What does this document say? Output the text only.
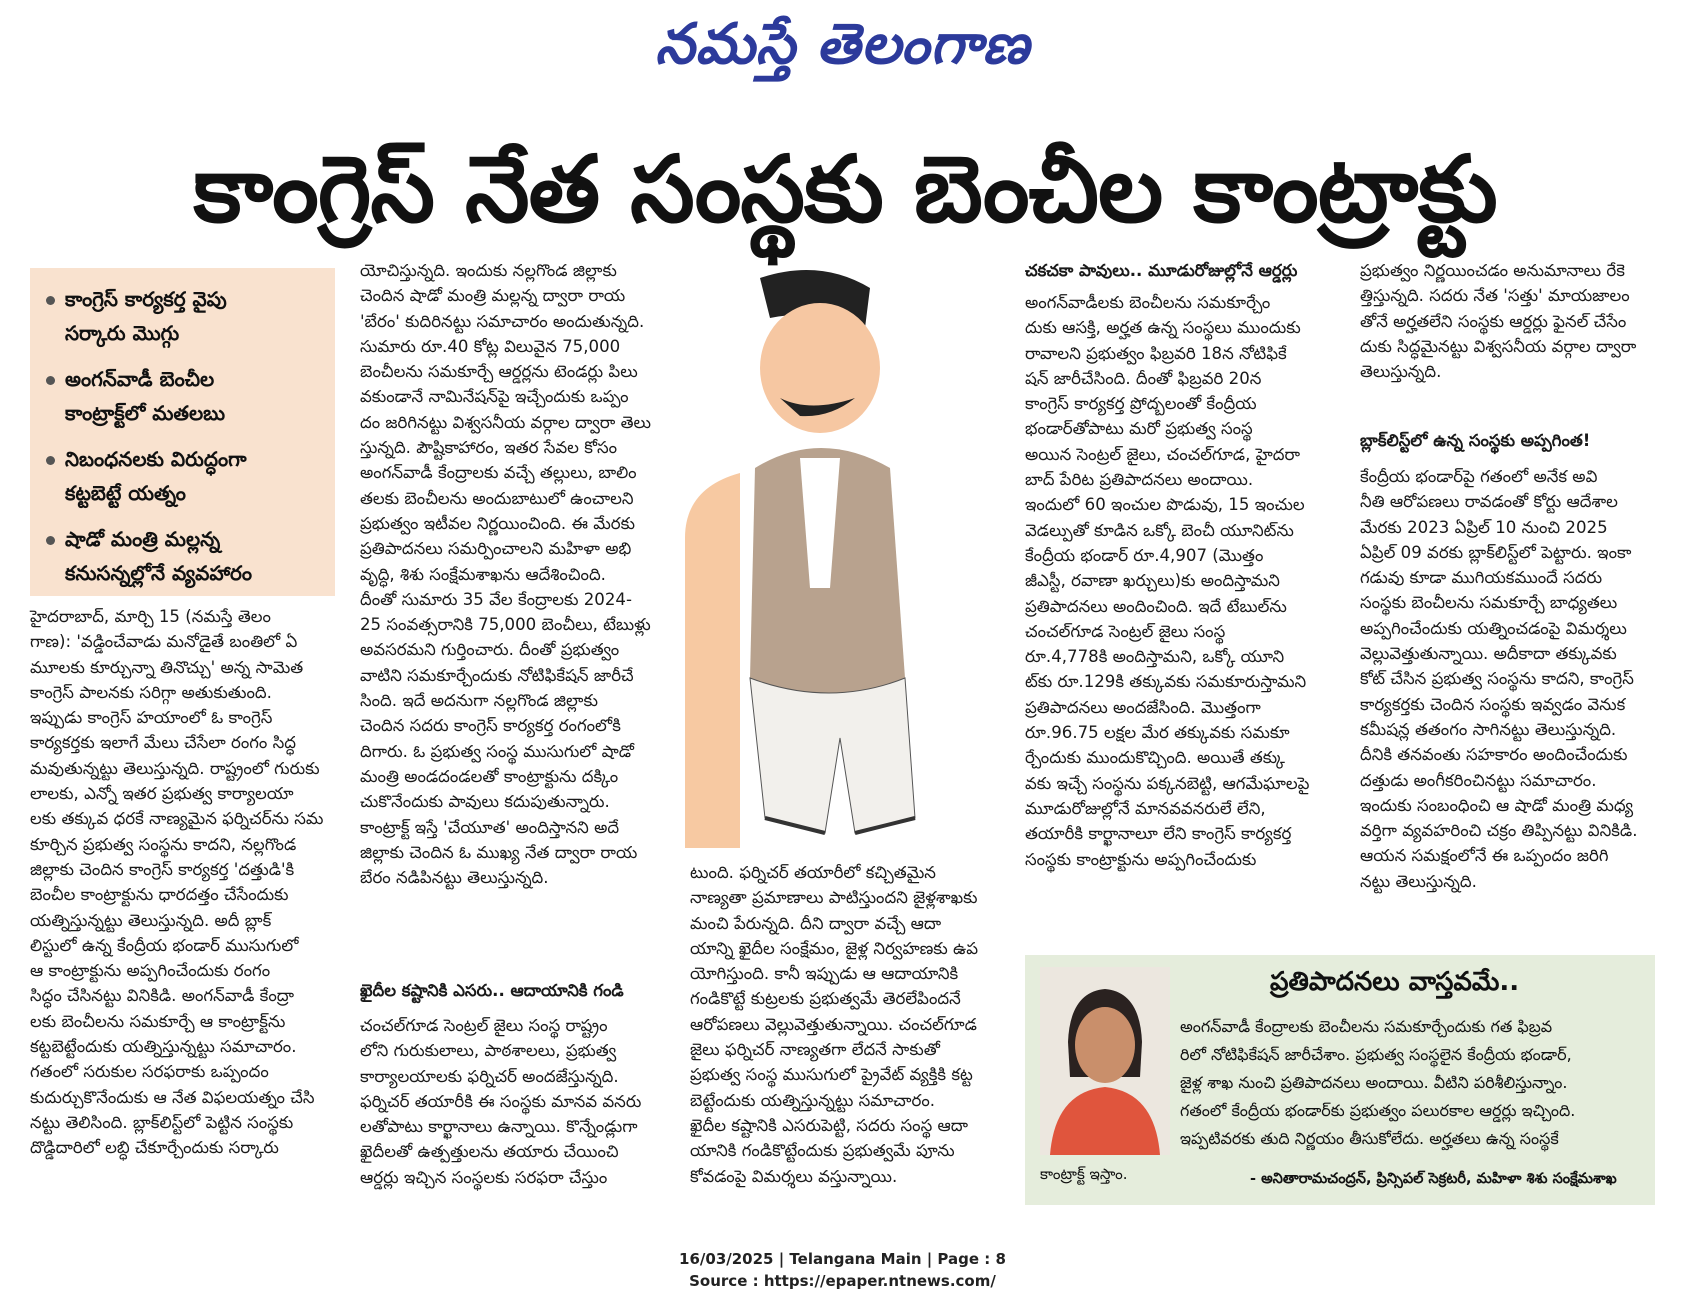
నమస్తే తెలంగాణ
కాంగ్రెస్ నేత సంస్థకు బెంచీల కాంట్రాక్టు
కాంగ్రెస్ కార్యకర్త వైపు
సర్కారు మొగ్గు
అంగన్‌వాడీ బెంచీల
కాంట్రాక్ట్‌లో మతలబు
నిబంధనలకు విరుద్ధంగా
కట్టబెట్టే యత్నం
షాడో మంత్రి మల్లన్న
కనుసన్నల్లోనే వ్యవహారం

హైదరాబాద్, మార్చి 15 (నమస్తే తెలం
గాణ): 'వడ్డించేవాడు మనోడైతే బంతిలో ఏ
మూలకు కూర్చున్నా తినొచ్చు' అన్న సామెత
కాంగ్రెస్ పాలనకు సరిగ్గా అతుకుతుంది.
ఇప్పుడు కాంగ్రెస్ హయాంలో ఓ కాంగ్రెస్
కార్యకర్తకు ఇలాగే మేలు చేసేలా రంగం సిద్ధ
మవుతున్నట్టు తెలుస్తున్నది. రాష్ట్రంలో గురుకు
లాలకు, ఎన్నో ఇతర ప్రభుత్వ కార్యాలయా
లకు తక్కువ ధరకే నాణ్యమైన ఫర్నిచర్‌ను సమ
కూర్చిన ప్రభుత్వ సంస్థను కాదని, నల్లగొండ
జిల్లాకు చెందిన కాంగ్రెస్ కార్యకర్త 'దత్తుడి'కి
బెంచీల కాంట్రాక్టును ధారదత్తం చేసేందుకు
యత్నిస్తున్నట్టు తెలుస్తున్నది. అదీ బ్లాక్
లిస్టులో ఉన్న కేంద్రీయ భండార్ ముసుగులో
ఆ కాంట్రాక్టును అప్పగించేందుకు రంగం
సిద్ధం చేసినట్టు వినికిడి. అంగన్‌వాడీ కేంద్రా
లకు బెంచీలను సమకూర్చే ఆ కాంట్రాక్ట్‌ను
కట్టబెట్టేందుకు యత్నిస్తున్నట్టు సమాచారం.
గతంలో సరుకుల సరఫరాకు ఒప్పందం
కుదుర్చుకొనేందుకు ఆ నేత విఫలయత్నం చేసి
నట్టు తెలిసింది. బ్లాక్‌లిస్ట్‌లో పెట్టిన సంస్థకు
దొడ్డిదారిలో లబ్ధి చేకూర్చేందుకు సర్కారు

యోచిస్తున్నది. ఇందుకు నల్లగొండ జిల్లాకు
చెందిన షాడో మంత్రి మల్లన్న ద్వారా రాయ
'బేరం' కుదిరినట్టు సమాచారం అందుతున్నది.
సుమారు రూ.40 కోట్ల విలువైన 75,000
బెంచీలను సమకూర్చే ఆర్డర్లను టెండర్లు పిలు
వకుండానే నామినేషన్‌పై ఇచ్చేందుకు ఒప్పం
దం జరిగినట్టు విశ్వసనీయ వర్గాల ద్వారా తెలు
స్తున్నది. పౌష్టికాహారం, ఇతర సేవల కోసం
అంగన్‌వాడీ కేంద్రాలకు వచ్చే తల్లులు, బాలిం
తలకు బెంచీలను అందుబాటులో ఉంచాలని
ప్రభుత్వం ఇటీవల నిర్ణయించింది. ఈ మేరకు
ప్రతిపాదనలు సమర్పించాలని మహిళా అభి
వృద్ధి, శిశు సంక్షేమశాఖను ఆదేశించింది.
దీంతో సుమారు 35 వేల కేంద్రాలకు 2024-
25 సంవత్సరానికి 75,000 బెంచీలు, టేబుళ్లు
అవసరమని గుర్తించారు. దీంతో ప్రభుత్వం
వాటిని సమకూర్చేందుకు నోటిఫికేషన్ జారీచే
సింది. ఇదే అదనుగా నల్లగొండ జిల్లాకు
చెందిన సదరు కాంగ్రెస్ కార్యకర్త రంగంలోకి
దిగారు. ఓ ప్రభుత్వ సంస్థ ముసుగులో షాడో
మంత్రి అండదండలతో కాంట్రాక్టును దక్కిం
చుకొనేందుకు పావులు కదుపుతున్నారు.
కాంట్రాక్ట్ ఇస్తే 'చేయూత' అందిస్తానని అదే
జిల్లాకు చెందిన ఓ ముఖ్య నేత ద్వారా రాయ
బేరం నడిపినట్టు తెలుస్తున్నది.

ఖైదీల కష్టానికి ఎసరు.. ఆదాయానికి గండి

చంచల్‌గూడ సెంట్రల్ జైలు సంస్థ రాష్ట్రం
లోని గురుకులాలు, పాఠశాలలు, ప్రభుత్వ
కార్యాలయాలకు ఫర్నిచర్ అందజేస్తున్నది.
ఫర్నిచర్ తయారీకి ఈ సంస్థకు మానవ వనరు
లతోపాటు కార్ఖానాలు ఉన్నాయి. కొన్నేండ్లుగా
ఖైదీలతో ఉత్పత్తులను తయారు చేయించి
ఆర్డర్లు ఇచ్చిన సంస్థలకు సరఫరా చేస్తుం

టుంది. ఫర్నిచర్ తయారీలో కచ్చితమైన
నాణ్యతా ప్రమాణాలు పాటిస్తుందని జైళ్లశాఖకు
మంచి పేరున్నది. దీని ద్వారా వచ్చే ఆదా
యాన్ని ఖైదీల సంక్షేమం, జైళ్ల నిర్వహణకు ఉప
యోగిస్తుంది. కానీ ఇప్పుడు ఆ ఆదాయానికి
గండికొట్టే కుట్రలకు ప్రభుత్వమే తెరలేపిందనే
ఆరోపణలు వెల్లువెత్తుతున్నాయి. చంచల్‌గూడ
జైలు ఫర్నిచర్ నాణ్యతగా లేదనే సాకుతో
ప్రభుత్వ సంస్థ ముసుగులో ప్రైవేట్ వ్యక్తికి కట్ట
బెట్టేందుకు యత్నిస్తున్నట్టు సమాచారం.
ఖైదీల కష్టానికి ఎసరుపెట్టి, సదరు సంస్థ ఆదా
యానికి గండికొట్టేందుకు ప్రభుత్వమే పూను
కోవడంపై విమర్శలు వస్తున్నాయి.

చకచకా పావులు.. మూడురోజుల్లోనే ఆర్డర్లు

అంగన్‌వాడీలకు బెంచీలను సమకూర్చేం
దుకు ఆసక్తి, అర్హత ఉన్న సంస్థలు ముందుకు
రావాలని ప్రభుత్వం ఫిబ్రవరి 18న నోటిఫికే
షన్ జారీచేసింది. దీంతో ఫిబ్రవరి 20న
కాంగ్రెస్ కార్యకర్త ప్రోద్బలంతో కేంద్రీయ
భండార్‌తోపాటు మరో ప్రభుత్వ సంస్థ
అయిన సెంట్రల్ జైలు, చంచల్‌గూడ, హైదరా
బాద్ పేరిట ప్రతిపాదనలు అందాయి.
ఇందులో 60 ఇంచుల పొడువు, 15 ఇంచుల
వెడల్పుతో కూడిన ఒక్కో బెంచీ యూనిట్‌ను
కేంద్రీయ భండార్ రూ.4,907 (మొత్తం
జీఎస్టీ, రవాణా ఖర్చులు)కు అందిస్తామని
ప్రతిపాదనలు అందించింది. ఇదే టేబుల్‌ను
చంచల్‌గూడ సెంట్రల్ జైలు సంస్థ
రూ.4,778కి అందిస్తామని, ఒక్కో యూని
ట్‌కు రూ.129కి తక్కువకు సమకూరుస్తామని
ప్రతిపాదనలు అందజేసింది. మొత్తంగా
రూ.96.75 లక్షల మేర తక్కువకు సమకూ
ర్చేందుకు ముందుకొచ్చింది. అయితే తక్కు
వకు ఇచ్చే సంస్థను పక్కనబెట్టి, ఆగమేఘాలపై
మూడురోజుల్లోనే మానవవనరులే లేని,
తయారీకి కార్ఖానాలూ లేని కాంగ్రెస్ కార్యకర్త
సంస్థకు కాంట్రాక్టును అప్పగించేందుకు

ప్రభుత్వం నిర్ణయించడం అనుమానాలు రేకె
త్తిస్తున్నది. సదరు నేత 'సత్తు' మాయజాలం
తోనే అర్హతలేని సంస్థకు ఆర్డర్లు ఫైనల్ చేసేం
దుకు సిద్ధమైనట్టు విశ్వసనీయ వర్గాల ద్వారా
తెలుస్తున్నది.

బ్లాక్‌లిస్ట్‌లో ఉన్న సంస్థకు అప్పగింత!

కేంద్రీయ భండార్‌పై గతంలో అనేక అవి
నీతి ఆరోపణలు రావడంతో కోర్టు ఆదేశాల
మేరకు 2023 ఏప్రిల్ 10 నుంచి 2025
ఏప్రిల్ 09 వరకు బ్లాక్‌లిస్ట్‌లో పెట్టారు. ఇంకా
గడువు కూడా ముగియకముందే సదరు
సంస్థకు బెంచీలను సమకూర్చే బాధ్యతలు
అప్పగించేందుకు యత్నించడంపై విమర్శలు
వెల్లువెత్తుతున్నాయి. అదీకాదా తక్కువకు
కోట్ చేసిన ప్రభుత్వ సంస్థను కాదని, కాంగ్రెస్
కార్యకర్తకు చెందిన సంస్థకు ఇవ్వడం వెనుక
కమీషన్ల తతంగం సాగినట్టు తెలుస్తున్నది.
దీనికి తనవంతు సహకారం అందించేందుకు
దత్తుడు అంగీకరించినట్టు సమాచారం.
ఇందుకు సంబంధించి ఆ షాడో మంత్రి మధ్య
వర్తిగా వ్యవహరించి చక్రం తిప్పినట్టు వినికిడి.
ఆయన సమక్షంలోనే ఈ ఒప్పందం జరిగి
నట్టు తెలుస్తున్నది.

కాంట్రాక్ట్ ఇస్తాం.
ప్రతిపాదనలు వాస్తవమే..

అంగన్‌వాడీ కేంద్రాలకు బెంచీలను సమకూర్చేందుకు గత ఫిబ్రవ
రిలో నోటిఫికేషన్ జారీచేశాం. ప్రభుత్వ సంస్థలైన కేంద్రీయ భండార్,
జైళ్ల శాఖ నుంచి ప్రతిపాదనలు అందాయి. వీటిని పరిశీలిస్తున్నాం.
గతంలో కేంద్రీయ భండార్‌కు ప్రభుత్వం పలురకాల ఆర్డర్లు ఇచ్చింది.
ఇప్పటివరకు తుది నిర్ణయం తీసుకోలేదు. అర్హతలు ఉన్న సంస్థకే

- అనితారామచంద్రన్, ప్రిన్సిపల్ సెక్రటరీ, మహిళా శిశు సంక్షేమశాఖ
16/03/2025 | Telangana Main | Page : 8
Source : https://epaper.ntnews.com/
